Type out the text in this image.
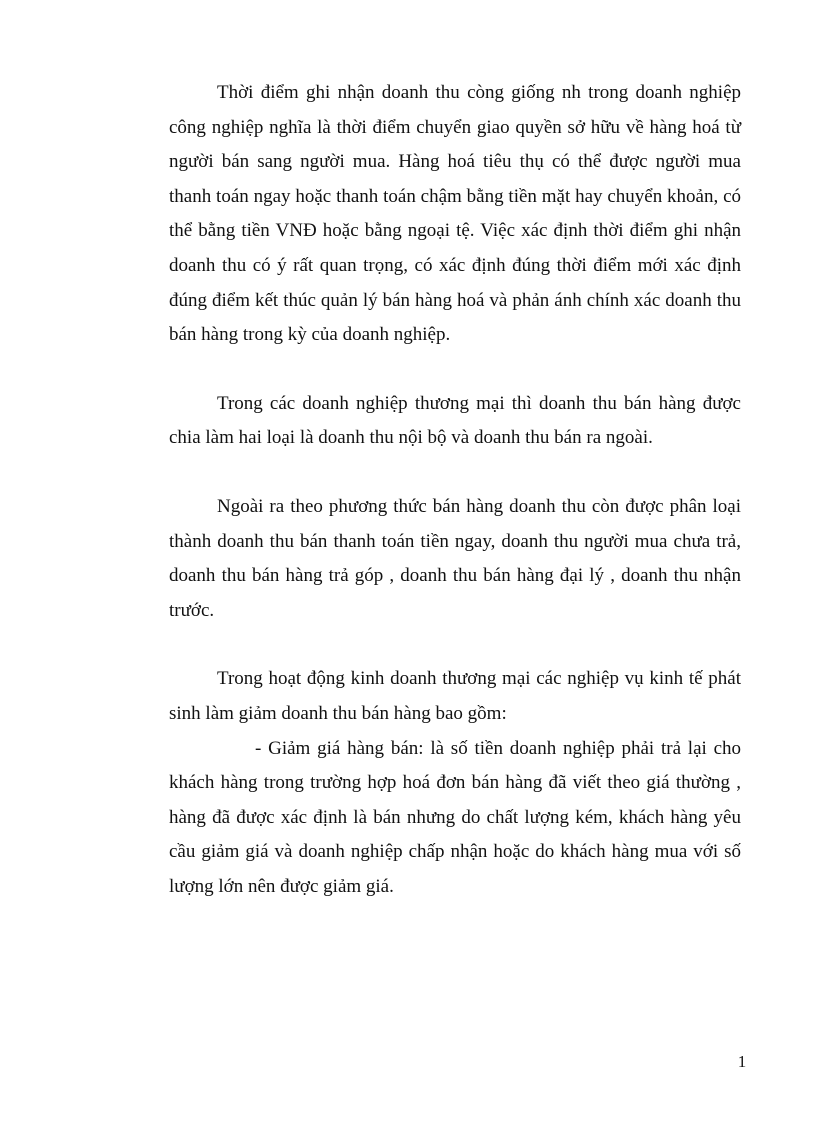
Thời điểm ghi nhận doanh thu còng giống nh trong doanh nghiệp công nghiệp nghĩa là thời điểm chuyển giao quyền sở hữu về hàng hoá từ người bán sang người mua. Hàng hoá tiêu thụ có thể được người mua thanh toán ngay hoặc thanh toán chậm bằng tiền mặt hay chuyển khoản, có thể bằng tiền VNĐ hoặc bằng ngoại tệ. Việc xác định thời điểm ghi nhận doanh thu có ý rất quan trọng, có xác định đúng thời điểm mới xác định đúng điểm kết thúc quản lý bán hàng hoá và phản ánh chính xác doanh thu bán hàng trong kỳ của doanh nghiệp.

Trong các doanh nghiệp thương mại thì doanh thu bán hàng được chia làm hai loại là doanh thu nội bộ và doanh thu bán ra ngoài.

Ngoài ra theo phương thức bán hàng doanh thu còn được phân loại thành doanh thu bán thanh toán tiền ngay, doanh thu người mua chưa trả, doanh thu bán hàng trả góp , doanh thu bán hàng đại lý , doanh thu nhận trước.

Trong hoạt động kinh doanh thương mại các nghiệp vụ kinh tế phát sinh làm giảm doanh thu bán hàng bao gồm:

- Giảm giá hàng bán: là số tiền doanh nghiệp phải trả lại cho khách hàng trong trường hợp hoá đơn bán hàng đã viết theo giá thường , hàng đã được xác định là bán nhưng do chất lượng kém, khách hàng yêu cầu giảm giá và doanh nghiệp chấp nhận hoặc do khách hàng mua với số lượng lớn nên được giảm giá.

1
